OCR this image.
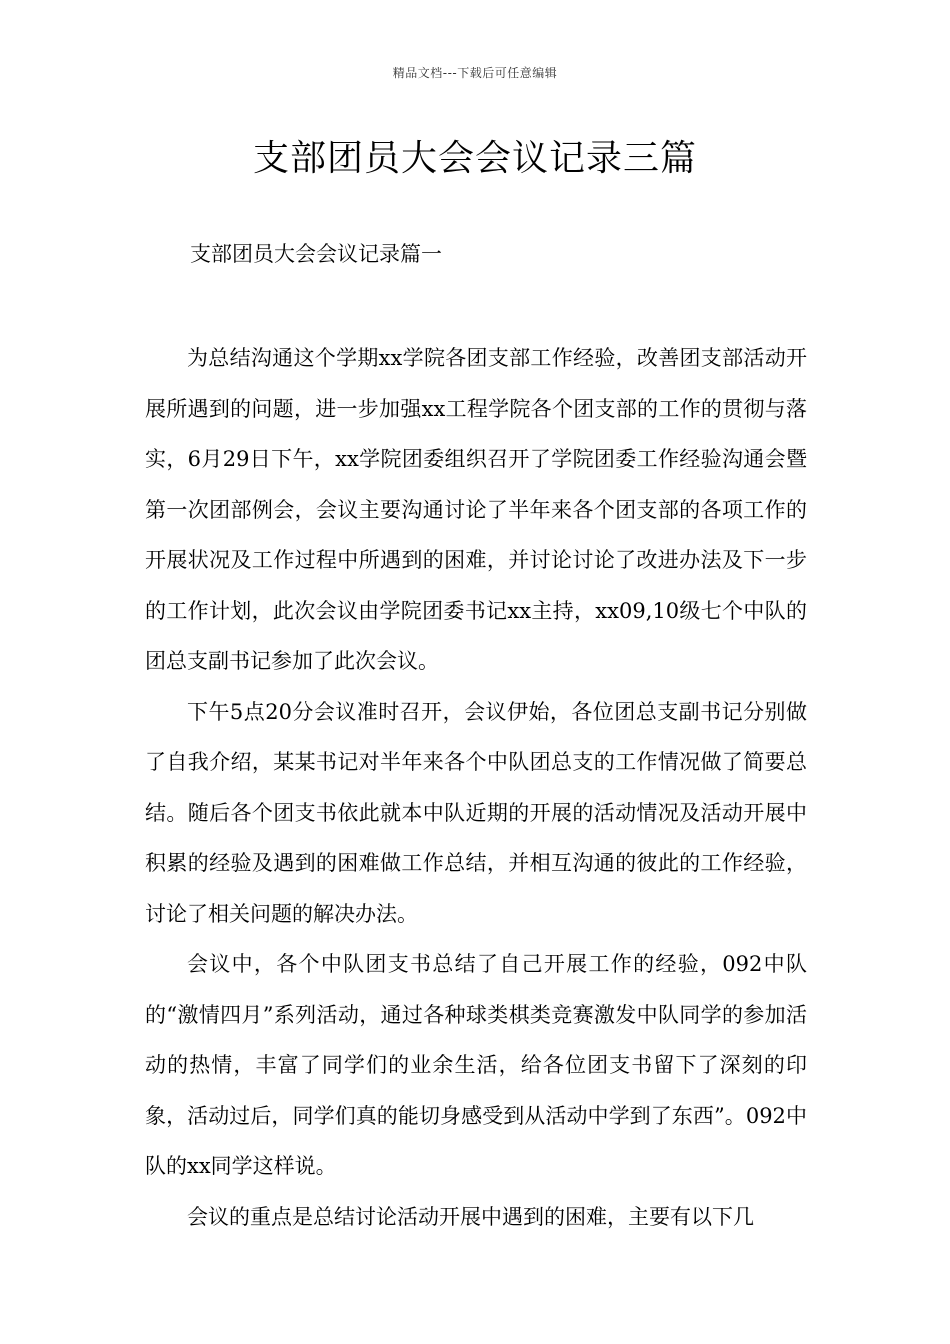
精品文档---下载后可任意编辑
支部团员大会会议记录三篇
支部团员大会会议记录篇一

为总结沟通这个学期xx学院各团支部工作经验，改善团支部活动开展所遇到的问题，进一步加强xx工程学院各个团支部的工作的贯彻与落实，6月29日下午，xx学院团委组织召开了学院团委工作经验沟通会暨第一次团部例会，会议主要沟通讨论了半年来各个团支部的各项工作的开展状况及工作过程中所遇到的困难，并讨论讨论了改进办法及下一步的工作计划，此次会议由学院团委书记xx主持，xx09,10级七个中队的团总支副书记参加了此次会议。

下午5点20分会议准时召开，会议伊始，各位团总支副书记分别做了自我介绍，某某书记对半年来各个中队团总支的工作情况做了简要总结。随后各个团支书依此就本中队近期的开展的活动情况及活动开展中积累的经验及遇到的困难做工作总结，并相互沟通的彼此的工作经验，讨论了相关问题的解决办法。

会议中，各个中队团支书总结了自己开展工作的经验，092中队的“激情四月”系列活动，通过各种球类棋类竞赛激发中队同学的参加活动的热情，丰富了同学们的业余生活，给各位团支书留下了深刻的印象，活动过后，同学们真的能切身感受到从活动中学到了东西”。092中队的xx同学这样说。

会议的重点是总结讨论活动开展中遇到的困难，主要有以下几
